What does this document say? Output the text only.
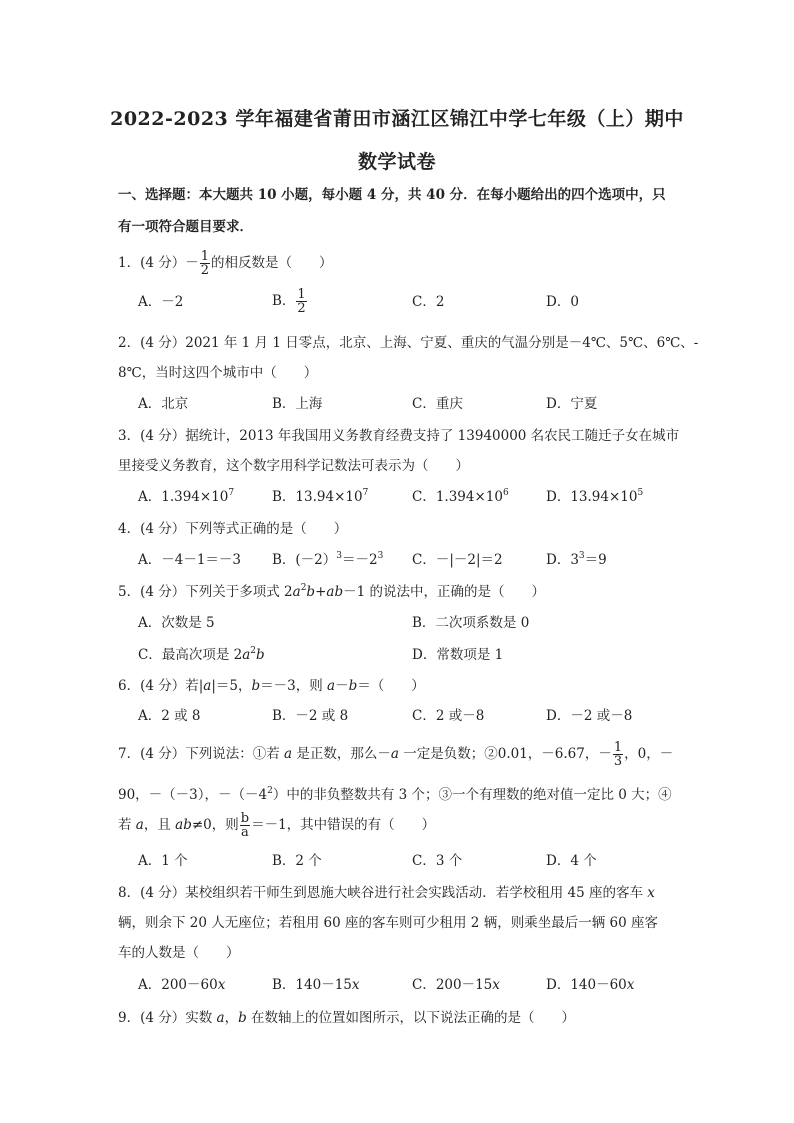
2022-2023 学年福建省莆田市涵江区锦江中学七年级（上）期中
数学试卷
一、选择题：本大题共 10 小题，每小题 4 分，共 40 分．在每小题给出的四个选项中，只
有一项符合题目要求．
1．(4 分）－ $\frac{1}{2}$ 的相反数是（　　）
A．－2	B． $\frac{1}{2}$	C．2	D．0
2．(4 分）2021 年 1 月 1 日零点，北京、上海、宁夏、重庆的气温分别是－4℃、5℃、6℃、-
8℃，当时这四个城市中（　　）
A．北京	B．上海	C．重庆	D．宁夏
3．(4 分）据统计，2013 年我国用义务教育经费支持了 13940000 名农民工随迁子女在城市
里接受义务教育，这个数字用科学记数法可表示为（　　）
A．$1.394\times 10^7$	B．$13.94\times 10^7$	C．$1.394\times 10^6$	D．$13.94\times 10^5$
4．(4 分）下列等式正确的是（　　）
A．－4－1＝－3 B．$(-2)^3=-2^3$ C．－|－2|＝2	D．$3^3=9$
5．(4 分）下列关于多项式 $2a^2b+ab-1$ 的说法中，正确的是（　　）
A．次数是 5	B．二次项系数是 0
C．最高次项是 $2a^2b$	D．常数项是 1
6．(4 分）若|a|＝5，b＝－3，则 a－b＝（　　）
A．2 或 8	B．－2 或 8	C．2 或－8	D．－2 或－8
7．(4 分）下列说法：①若 a 是正数，那么－a 一定是负数；②0.01，－6.67，－ $\frac{1}{3}$ ，0，－
90，－（－3），$-(-4^2)$中的非负整数共有 3 个；③一个有理数的绝对值一定比 0 大；④
若 a，且 ab≠0，则 $\frac{b}{a} =-1$，其中错误的有（　　）
A．1 个	B．2 个	C．3 个	D．4 个
8．(4 分）某校组织若干师生到恩施大峡谷进行社会实践活动．若学校租用 45 座的客车 x
辆，则余下 20 人无座位；若租用 60 座的客车则可少租用 2 辆，则乘坐最后一辆 60 座客
车的人数是（　　）
A．200－60x	B．140－15x	C．200－15x	D．140－60x
9．(4 分）实数 a，b 在数轴上的位置如图所示，以下说法正确的是（　　）
